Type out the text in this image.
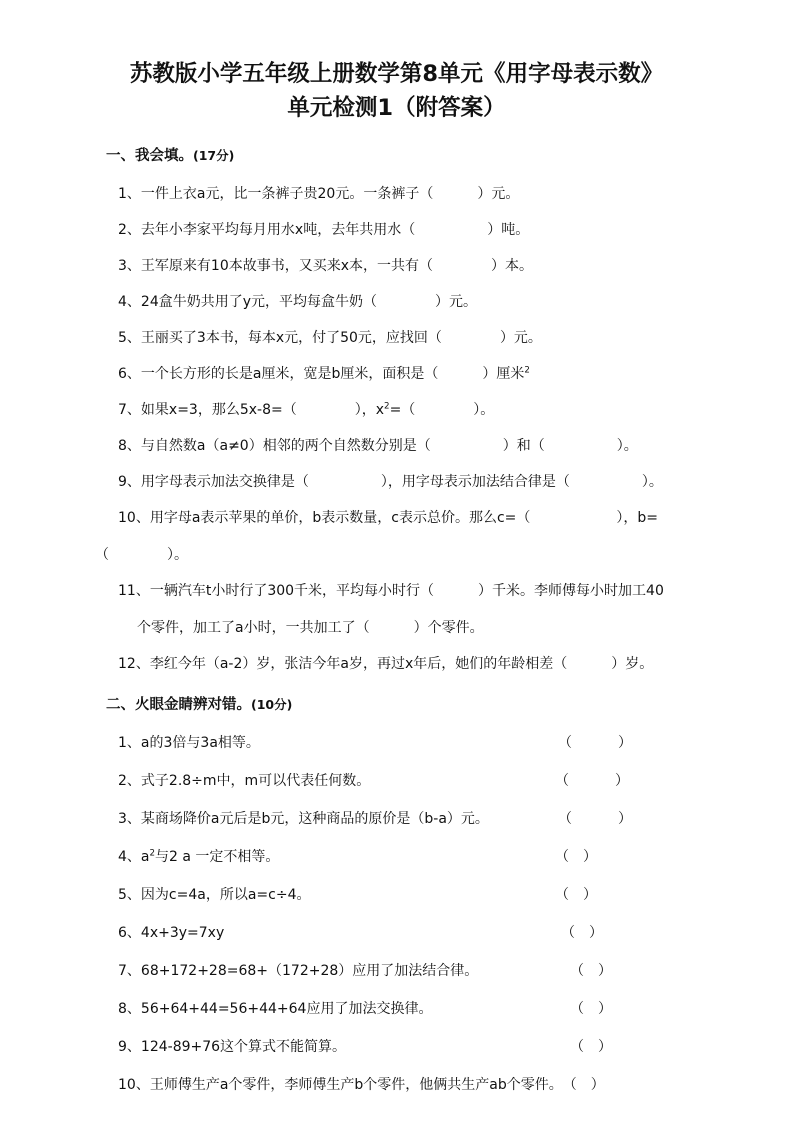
苏教版小学五年级上册数学第8单元《用字母表示数》
单元检测1（附答案）
一、我会填。(17分)
1、一件上衣a元，比一条裤子贵20元。一条裤子（	）元。
2、去年小李家平均每月用水x吨，去年共用水（	）吨。
3、王军原来有10本故事书，又买来x本，一共有（	）本。
4、24盒牛奶共用了y元，平均每盒牛奶（	）元。
5、王丽买了3本书，每本x元，付了50元，应找回（	）元。
6、一个长方形的长是a厘米，宽是b厘米，面积是（	）厘米$^2$
7、如果x=3，那么5x-8=（	），$x^2=$（	）。
8、与自然数a（a≠0）相邻的两个自然数分别是（	）和（	）。
9、用字母表示加法交换律是（	），用字母表示加法结合律是（	）。
10、用字母a表示苹果的单价，b表示数量，c表示总价。那么c=（	），b=
（	）。
11、一辆汽车t小时行了300千米，平均每小时行（	）千米。李师傅每小时加工40
个零件，加工了a小时，一共加工了（	）个零件。
12、李红今年（a-2）岁，张洁今年a岁，再过x年后，她们的年龄相差（	）岁。
二、火眼金睛辨对错。(10分)
1、a的3倍与3a相等。	（	）
2、式子2.8÷m中，m可以代表任何数。	（	）
3、某商场降价a元后是b元，这种商品的原价是（b-a）元。	（	）
4、$a^2$与2 a 一定不相等。	（ ）
5、因为c=4a，所以a=c÷4。	（ ）
6、4x+3y=7xy	（ ）
7、68+172+28=68+（172+28）应用了加法结合律。	（ ）
8、56+64+44=56+44+64应用了加法交换律。	（ ）
9、124-89+76这个算式不能简算。	（ ）
10、王师傅生产a个零件，李师傅生产b个零件，他俩共生产ab个零件。（ ）
